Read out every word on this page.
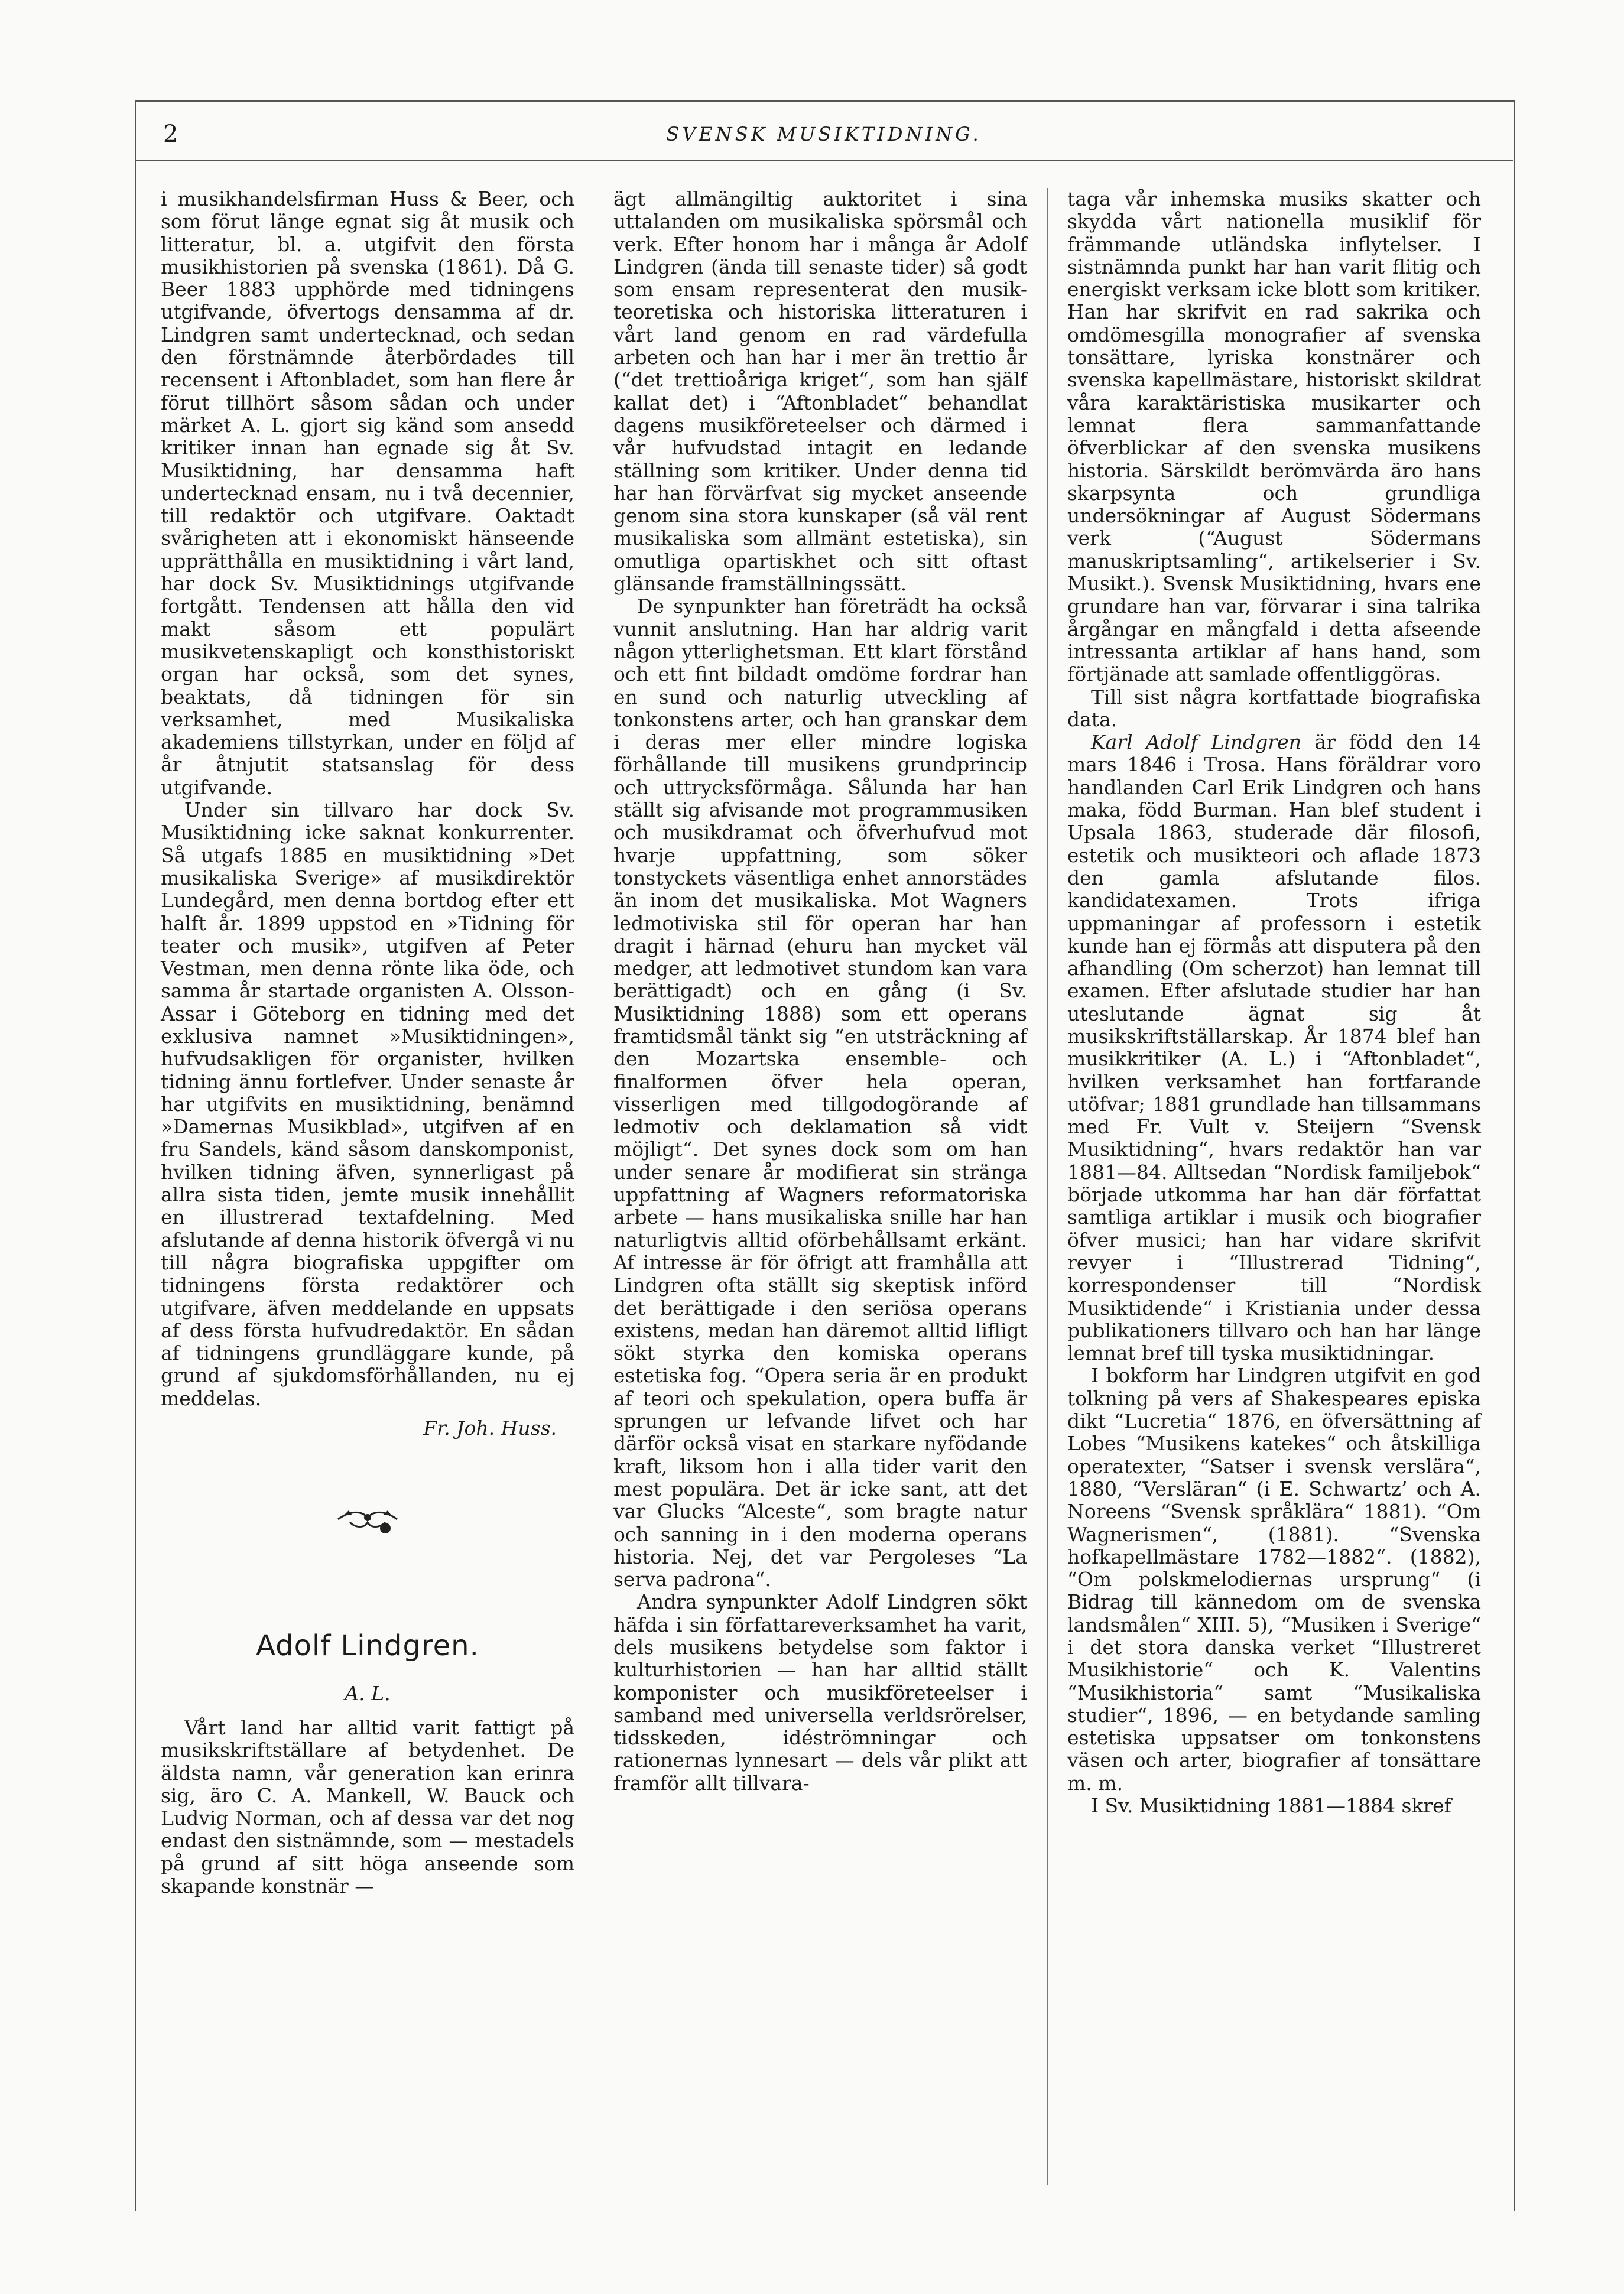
2	SVENSK MUSIKTIDNING.

i musikhandelsfirman Huss & Beer, och som förut länge egnat sig åt musik och litteratur, bl. a. utgifvit den första musikhistorien på svenska (1861). Då G. Beer 1883 upphörde med tidningens utgifvande, öfvertogs densamma af dr. Lindgren samt undertecknad, och sedan den förstnämnde återbördades till recensent i Aftonbladet, som han flere år förut tillhört såsom sådan och under märket A. L. gjort sig känd som ansedd kritiker innan han egnade sig åt Sv. Musiktidning, har densamma haft undertecknad ensam, nu i två decennier, till redaktör och utgifvare. Oaktadt svårigheten att i ekonomiskt hänseende upprätthålla en musiktidning i vårt land, har dock Sv. Musiktidnings utgifvande fortgått. Tendensen att hålla den vid makt såsom ett populärt musikvetenskapligt och konsthistoriskt organ har också, som det synes, beaktats, då tidningen för sin verksamhet, med Musikaliska akademiens tillstyrkan, under en följd af år åtnjutit statsanslag för dess utgifvande.

Under sin tillvaro har dock Sv. Musiktidning icke saknat konkurrenter. Så utgafs 1885 en musiktidning »Det musikaliska Sverige» af musikdirektör Lundegård, men denna bortdog efter ett halft år. 1899 uppstod en »Tidning för teater och musik», utgifven af Peter Vestman, men denna rönte lika öde, och samma år startade organisten A. Olsson-Assar i Göteborg en tidning med det exklusiva namnet »Musiktidningen», hufvudsakligen för organister, hvilken tidning ännu fortlefver. Under senaste år har utgifvits en musiktidning, benämnd »Damernas Musikblad», utgifven af en fru Sandels, känd såsom danskomponist, hvilken tidning äfven, synnerligast på allra sista tiden, jemte musik innehållit en illustrerad textafdelning. Med afslutande af denna historik öfvergå vi nu till några biografiska uppgifter om tidningens första redaktörer och utgifvare, äfven meddelande en uppsats af dess första hufvudredaktör. En sådan af tidningens grundläggare kunde, på grund af sjukdomsförhållanden, nu ej meddelas.

Fr. Joh. Huss.
Adolf Lindgren.
A. L.

Vårt land har alltid varit fattigt på musikskriftställare af betydenhet. De äldsta namn, vår generation kan erinra sig, äro C. A. Mankell, W. Bauck och Ludvig Norman, och af dessa var det nog endast den sistnämnde, som — mestadels på grund af sitt höga anseende som skapande konstnär —

ägt allmängiltig auktoritet i sina uttalanden om musikaliska spörsmål och verk. Efter honom har i många år Adolf Lindgren (ända till senaste tider) så godt som ensam representerat den musik-teoretiska och historiska litteraturen i vårt land genom en rad värdefulla arbeten och han har i mer än trettio år (“det trettioåriga kriget“, som han själf kallat det) i “Aftonbladet“ behandlat dagens musikföreteelser och därmed i vår hufvudstad intagit en ledande ställning som kritiker. Under denna tid har han förvärfvat sig mycket anseende genom sina stora kunskaper (så väl rent musikaliska som allmänt estetiska), sin omutliga opartiskhet och sitt oftast glänsande framställningssätt.

De synpunkter han företrädt ha också vunnit anslutning. Han har aldrig varit någon ytterlighetsman. Ett klart förstånd och ett fint bildadt omdöme fordrar han en sund och naturlig utveckling af tonkonstens arter, och han granskar dem i deras mer eller mindre logiska förhållande till musikens grundprincip och uttrycksförmåga. Sålunda har han ställt sig afvisande mot programmusiken och musikdramat och öfverhufvud mot hvarje uppfattning, som söker tonstyckets väsentliga enhet annorstädes än inom det musikaliska. Mot Wagners ledmotiviska stil för operan har han dragit i härnad (ehuru han mycket väl medger, att ledmotivet stundom kan vara berättigadt) och en gång (i Sv. Musiktidning 1888) som ett operans framtidsmål tänkt sig “en utsträckning af den Mozartska ensemble- och finalformen öfver hela operan, visserligen med tillgodogörande af ledmotiv och deklamation så vidt möjligt“. Det synes dock som om han under senare år modifierat sin stränga uppfattning af Wagners reformatoriska arbete — hans musikaliska snille har han naturligtvis alltid oförbehållsamt erkänt. Af intresse är för öfrigt att framhålla att Lindgren ofta ställt sig skeptisk införd det berättigade i den seriösa operans existens, medan han däremot alltid lifligt sökt styrka den komiska operans estetiska fog. “Opera seria är en produkt af teori och spekulation, opera buffa är sprungen ur lefvande lifvet och har därför också visat en starkare nyfödande kraft, liksom hon i alla tider varit den mest populära. Det är icke sant, att det var Glucks “Alceste“, som bragte natur och sanning in i den moderna operans historia. Nej, det var Pergoleses “La serva padrona“.

Andra synpunkter Adolf Lindgren sökt häfda i sin författareverksamhet ha varit, dels musikens betydelse som faktor i kulturhistorien — han har alltid ställt komponister och musikföreteelser i samband med universella verldsrörelser, tidsskeden, idéströmningar och rationernas lynnesart — dels vår plikt att framför allt tillvara-

taga vår inhemska musiks skatter och skydda vårt nationella musiklif för främmande utländska inflytelser. I sistnämnda punkt har han varit flitig och energiskt verksam icke blott som kritiker. Han har skrifvit en rad sakrika och omdömesgilla monografier af svenska tonsättare, lyriska konstnärer och svenska kapellmästare, historiskt skildrat våra karaktäristiska musikarter och lemnat flera sammanfattande öfverblickar af den svenska musikens historia. Särskildt berömvärda äro hans skarpsynta och grundliga undersökningar af August Södermans verk (“August Södermans manuskriptsamling“, artikelserier i Sv. Musikt.). Svensk Musiktidning, hvars ene grundare han var, förvarar i sina talrika årgångar en mångfald i detta afseende intressanta artiklar af hans hand, som förtjänade att samlade offentliggöras.

Till sist några kortfattade biografiska data.

Karl Adolf Lindgren är född den 14 mars 1846 i Trosa. Hans föräldrar voro handlanden Carl Erik Lindgren och hans maka, född Burman. Han blef student i Upsala 1863, studerade där filosofi, estetik och musikteori och aflade 1873 den gamla afslutande filos. kandidatexamen. Trots ifriga uppmaningar af professorn i estetik kunde han ej förmås att disputera på den afhandling (Om scherzot) han lemnat till examen. Efter afslutade studier har han uteslutande ägnat sig åt musikskriftställarskap. År 1874 blef han musikkritiker (A. L.) i “Aftonbladet“, hvilken verksamhet han fortfarande utöfvar; 1881 grundlade han tillsammans med Fr. Vult v. Steijern “Svensk Musiktidning“, hvars redaktör han var 1881—84. Alltsedan “Nordisk familjebok“ började utkomma har han där författat samtliga artiklar i musik och biografier öfver musici; han har vidare skrifvit revyer i “Illustrerad Tidning“, korrespondenser till “Nordisk Musiktidende“ i Kristiania under dessa publikationers tillvaro och han har länge lemnat bref till tyska musiktidningar.

I bokform har Lindgren utgifvit en god tolkning på vers af Shakespeares episka dikt “Lucretia“ 1876, en öfversättning af Lobes “Musikens katekes“ och åtskilliga operatexter, “Satser i svensk verslära“, 1880, “Versläran“ (i E. Schwartz’ och A. Noreens “Svensk språklära“ 1881). “Om Wagnerismen“, (1881). “Svenska hofkapellmästare 1782—1882“. (1882), “Om polskmelodiernas ursprung“ (i Bidrag till kännedom om de svenska landsmålen“ XIII. 5), “Musiken i Sverige“ i det stora danska verket “Illustreret Musikhistorie“ och K. Valentins “Musikhistoria“ samt “Musikaliska studier“, 1896, — en betydande samling estetiska uppsatser om tonkonstens väsen och arter, biografier af tonsättare m. m.

I Sv. Musiktidning 1881—1884 skref
